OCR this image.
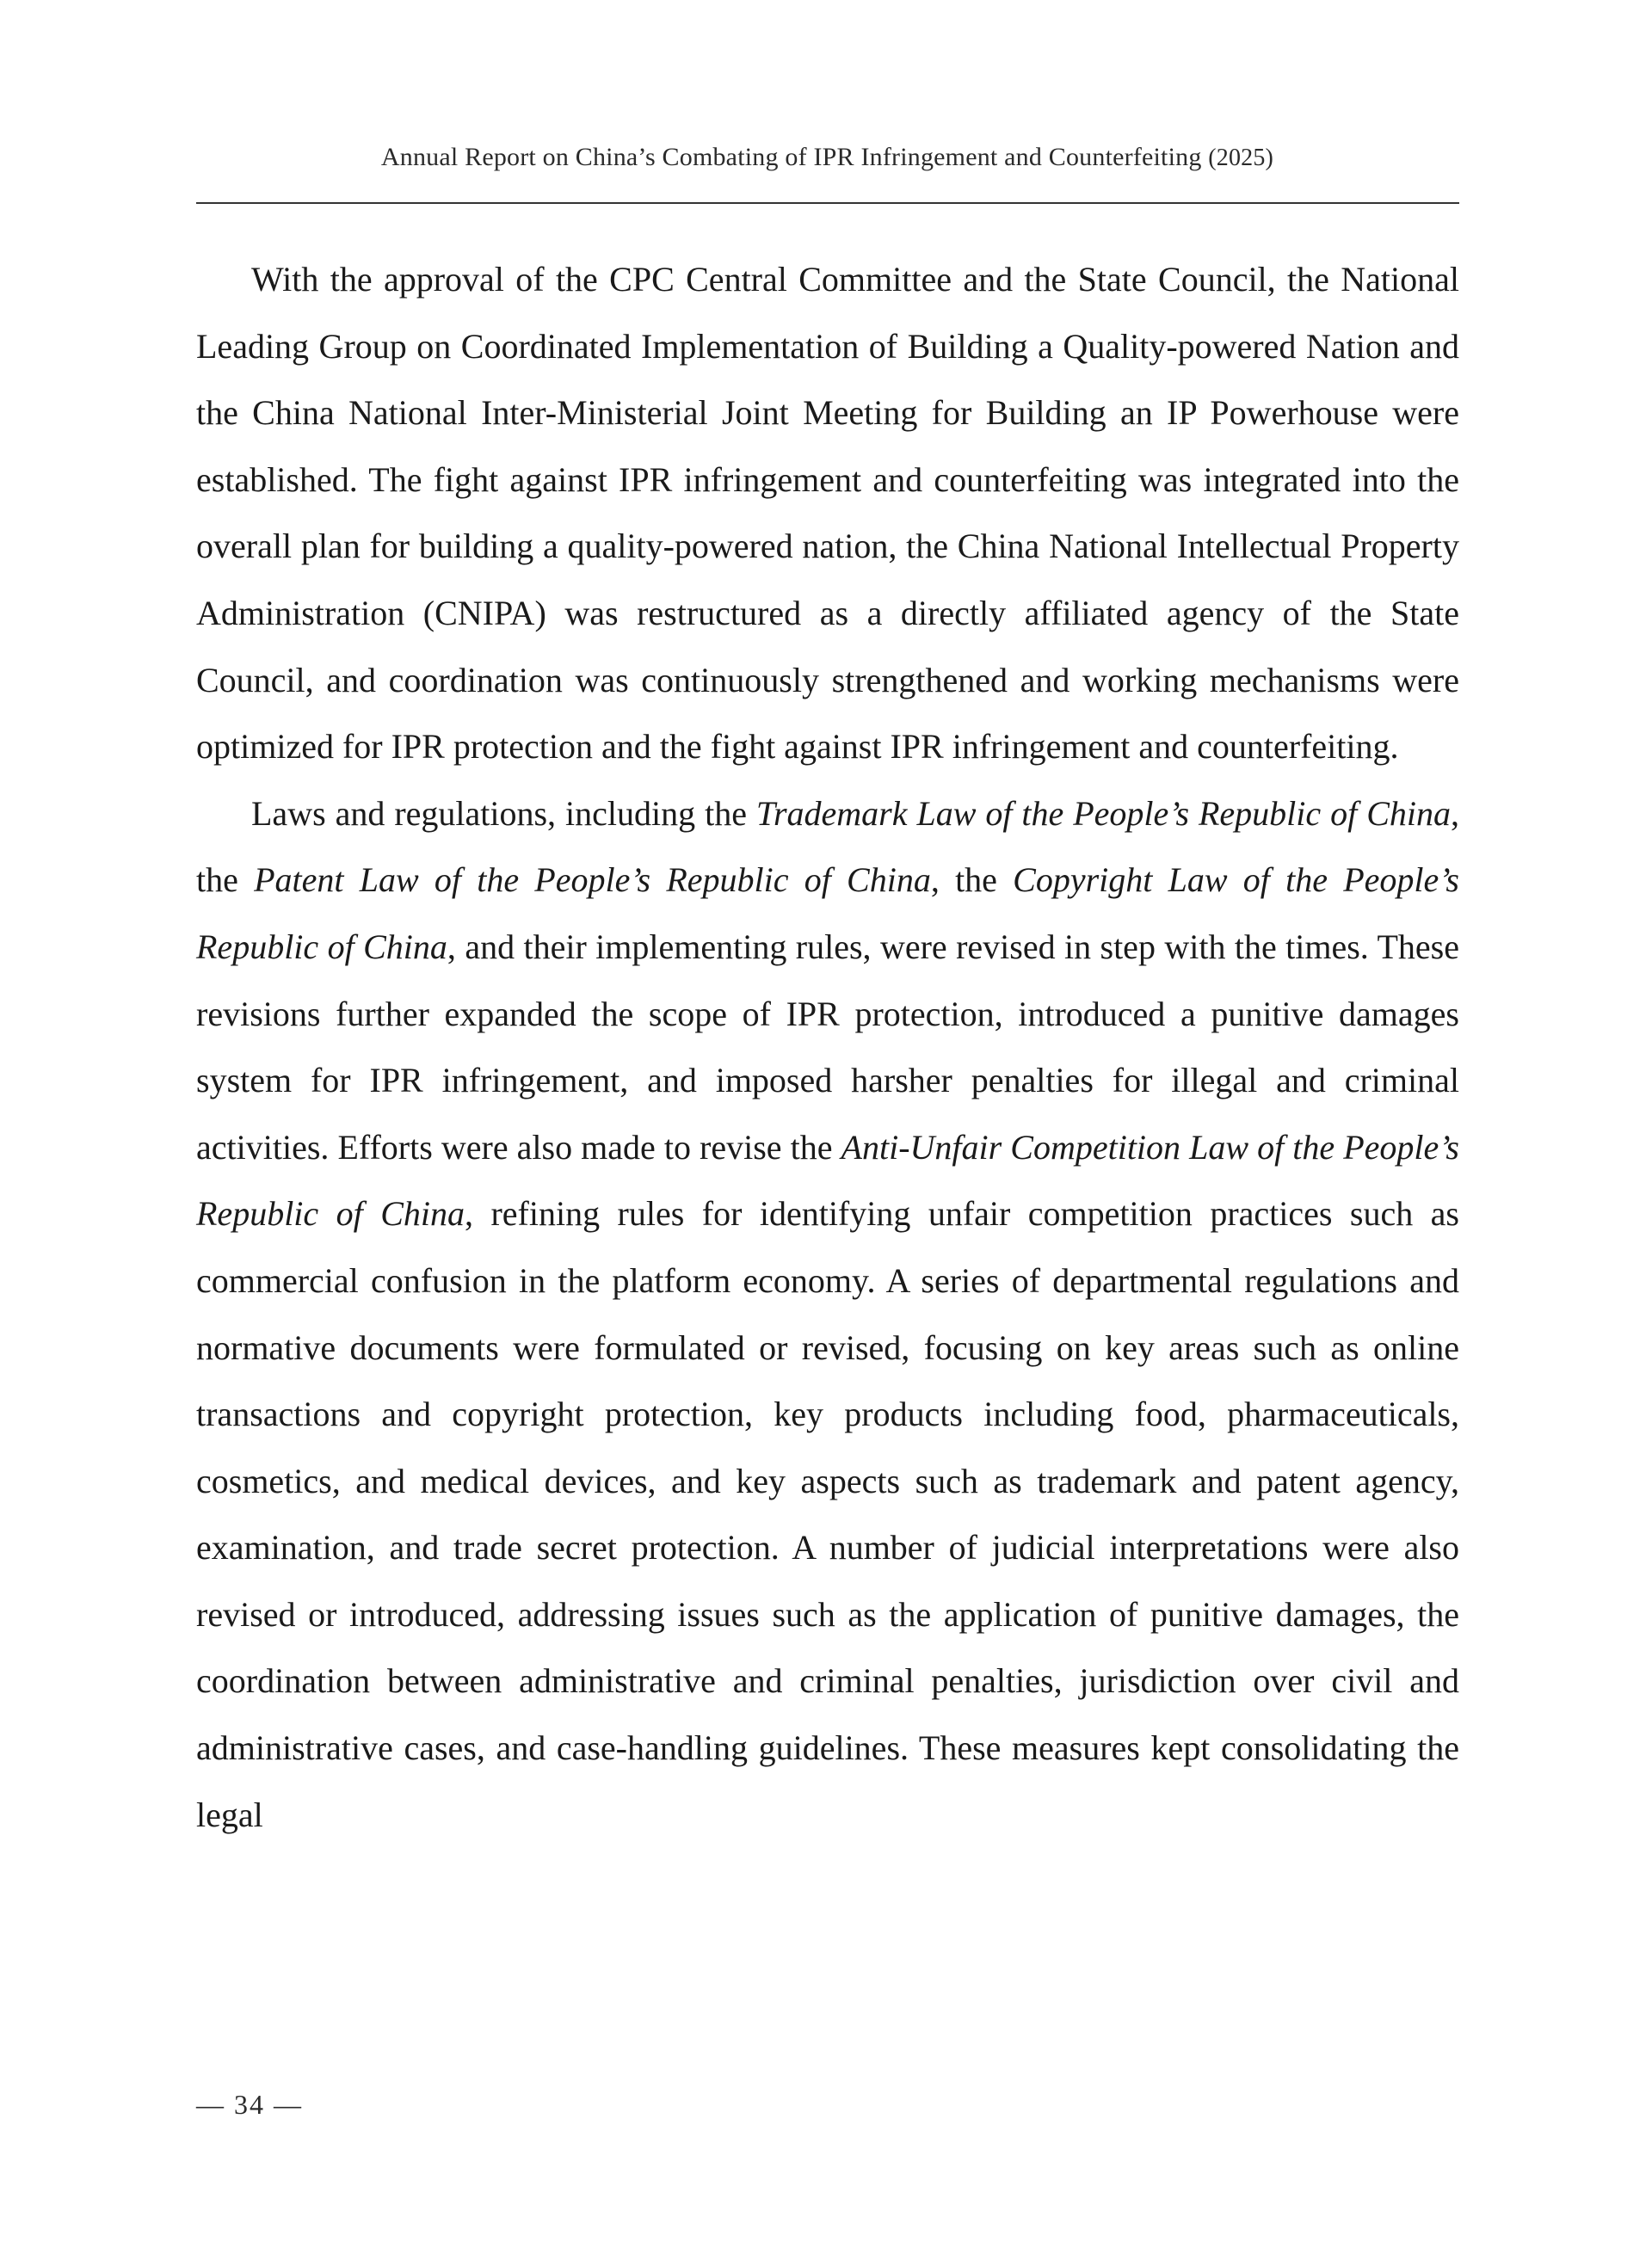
Annual Report on China’s Combating of IPR Infringement and Counterfeiting (2025)

With the approval of the CPC Central Committee and the State Council, the National Leading Group on Coordinated Implementation of Building a Quality-powered Nation and the China National Inter-Ministerial Joint Meeting for Building an IP Powerhouse were established. The fight against IPR infringement and counterfeiting was integrated into the overall plan for building a quality-powered nation, the China National Intellectual Property Administration (CNIPA) was restructured as a directly affiliated agency of the State Council, and coordination was continuously strengthened and working mechanisms were optimized for IPR protection and the fight against IPR infringement and counterfeiting.

Laws and regulations, including the Trademark Law of the People’s Republic of China, the Patent Law of the People’s Republic of China, the Copyright Law of the People’s Republic of China, and their implementing rules, were revised in step with the times. These revisions further expanded the scope of IPR protection, introduced a punitive damages system for IPR infringement, and imposed harsher penalties for illegal and criminal activities. Efforts were also made to revise the Anti-Unfair Competition Law of the People’s Republic of China, refining rules for identifying unfair competition practices such as commercial confusion in the platform economy. A series of departmental regulations and normative documents were formulated or revised, focusing on key areas such as online transactions and copyright protection, key products including food, pharmaceuticals, cosmetics, and medical devices, and key aspects such as trademark and patent agency, examination, and trade secret protection. A number of judicial interpretations were also revised or introduced, addressing issues such as the application of punitive damages, the coordination between administrative and criminal penalties, jurisdiction over civil and administrative cases, and case-handling guidelines. These measures kept consolidating the legal

— 34 —
